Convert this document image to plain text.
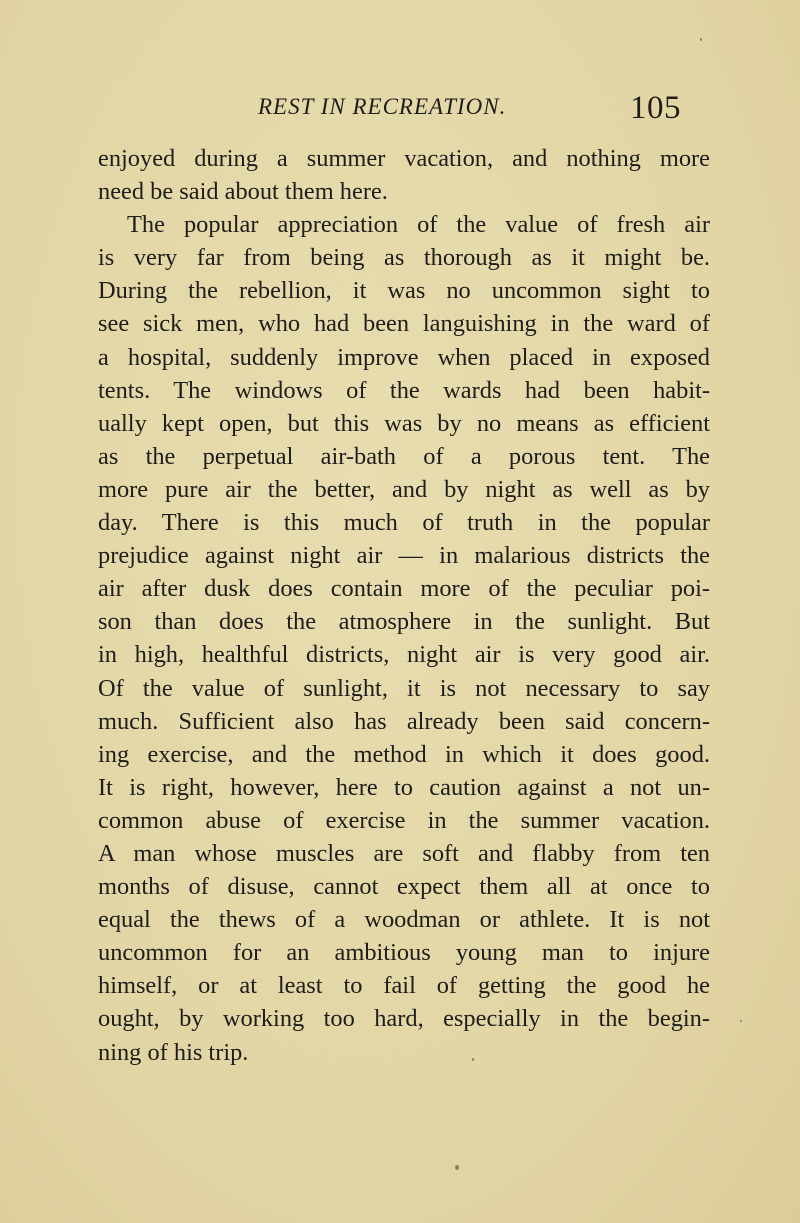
REST IN RECREATION.	105
enjoyed during a summer vacation, and nothing more
need be said about them here.
The popular appreciation of the value of fresh air
is very far from being as thorough as it might be.
During the rebellion, it was no uncommon sight to
see sick men, who had been languishing in the ward of
a hospital, suddenly improve when placed in exposed
tents. The windows of the wards had been habit-
ually kept open, but this was by no means as efficient
as the perpetual air-bath of a porous tent. The
more pure air the better, and by night as well as by
day. There is this much of truth in the popular
prejudice against night air — in malarious districts the
air after dusk does contain more of the peculiar poi-
son than does the atmosphere in the sunlight. But
in high, healthful districts, night air is very good air.
Of the value of sunlight, it is not necessary to say
much. Sufficient also has already been said concern-
ing exercise, and the method in which it does good.
It is right, however, here to caution against a not un-
common abuse of exercise in the summer vacation.
A man whose muscles are soft and flabby from ten
months of disuse, cannot expect them all at once to
equal the thews of a woodman or athlete. It is not
uncommon for an ambitious young man to injure
himself, or at least to fail of getting the good he
ought, by working too hard, especially in the begin-
ning of his trip.
